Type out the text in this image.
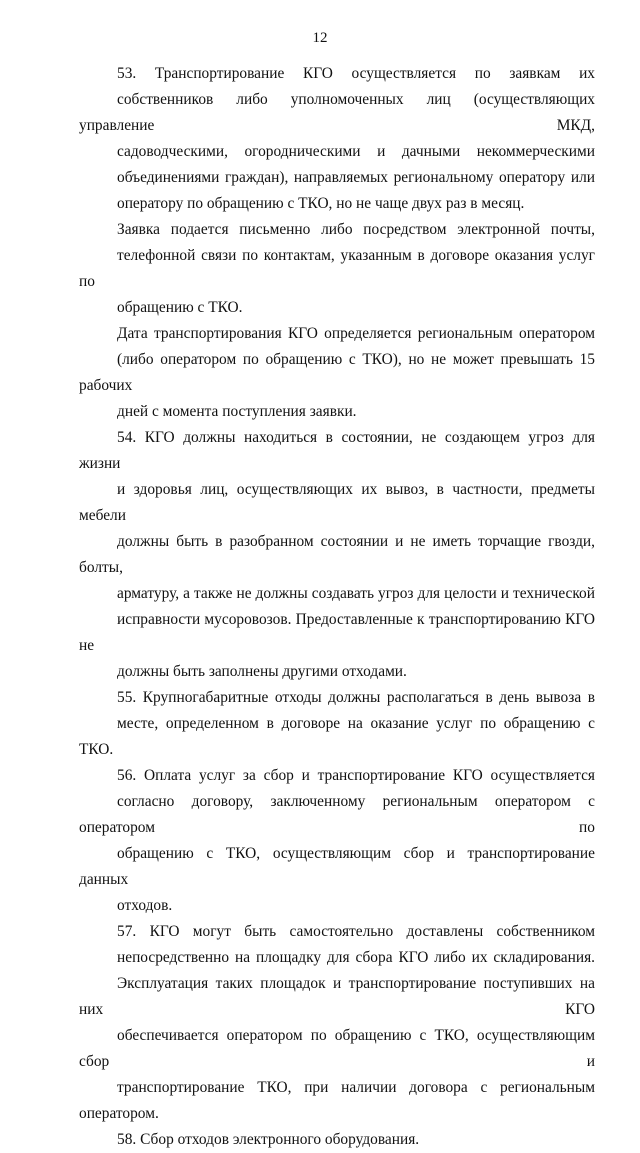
12
53. Транспортирование КГО осуществляется по заявкам их
собственников либо уполномоченных лиц (осуществляющих управление МКД,
садоводческими, огородническими и дачными некоммерческими
объединениями граждан), направляемых региональному оператору или
оператору по обращению с ТКО, но не чаще двух раз в месяц.
Заявка подается письменно либо посредством электронной почты,
телефонной связи по контактам, указанным в договоре оказания услуг по
обращению с ТКО.
Дата транспортирования КГО определяется региональным оператором
(либо оператором по обращению с ТКО), но не может превышать 15 рабочих
дней с момента поступления заявки.
54. КГО должны находиться в состоянии, не создающем угроз для жизни
и здоровья лиц, осуществляющих их вывоз, в частности, предметы мебели
должны быть в разобранном состоянии и не иметь торчащие гвозди, болты,
арматуру, а также не должны создавать угроз для целости и технической
исправности мусоровозов. Предоставленные к транспортированию КГО не
должны быть заполнены другими отходами.
55. Крупногабаритные отходы должны располагаться в день вывоза в
месте, определенном в договоре на оказание услуг по обращению с ТКО.
56. Оплата услуг за сбор и транспортирование КГО осуществляется
согласно договору, заключенному региональным оператором с оператором по
обращению с ТКО, осуществляющим сбор и транспортирование данных
отходов.
57. КГО могут быть самостоятельно доставлены собственником
непосредственно на площадку для сбора КГО либо их складирования.
Эксплуатация таких площадок и транспортирование поступивших на них КГО
обеспечивается оператором по обращению с ТКО, осуществляющим сбор и
транспортирование ТКО, при наличии договора с региональным оператором.
58. Сбор отходов электронного оборудования.
